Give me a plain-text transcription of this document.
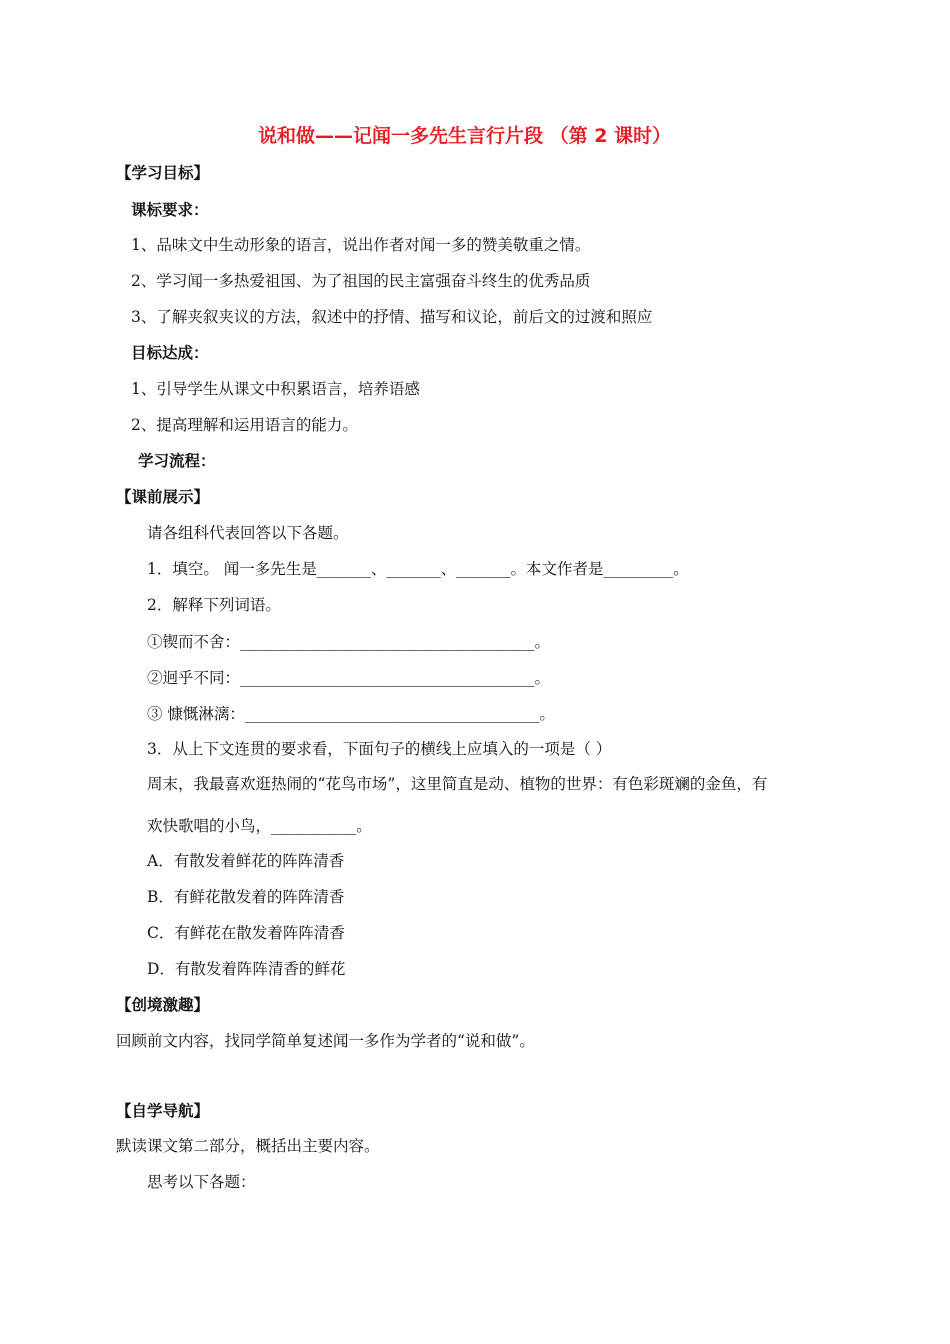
说和做——记闻一多先生言行片段 （第 2 课时）
【学习目标】
课标要求：
1、品味文中生动形象的语言，说出作者对闻一多的赞美敬重之情。
2、学习闻一多热爱祖国、为了祖国的民主富强奋斗终生的优秀品质
3、了解夹叙夹议的方法，叙述中的抒情、描写和议论，前后文的过渡和照应
目标达成：
1、引导学生从课文中积累语言，培养语感
2、提高理解和运用语言的能力。
学习流程：
【课前展示】
请各组科代表回答以下各题。
1．填空。 闻一多先生是_______、_______、_______。本文作者是_________。
2．解释下列词语。
①锲而不舍：______________________________________。
②迥乎不同：______________________________________。
③ 慷慨淋漓：______________________________________。
3．从上下文连贯的要求看，下面句子的横线上应填入的一项是（ ）
周末，我最喜欢逛热闹的“花鸟市场”，这里简直是动、植物的世界：有色彩斑斓的金鱼，有
欢快歌唱的小鸟，___________。
A．有散发着鲜花的阵阵清香
B．有鲜花散发着的阵阵清香
C．有鲜花在散发着阵阵清香
D．有散发着阵阵清香的鲜花
【创境激趣】
回顾前文内容，找同学简单复述闻一多作为学者的“说和做”。
【自学导航】
默读课文第二部分，概括出主要内容。
思考以下各题：
